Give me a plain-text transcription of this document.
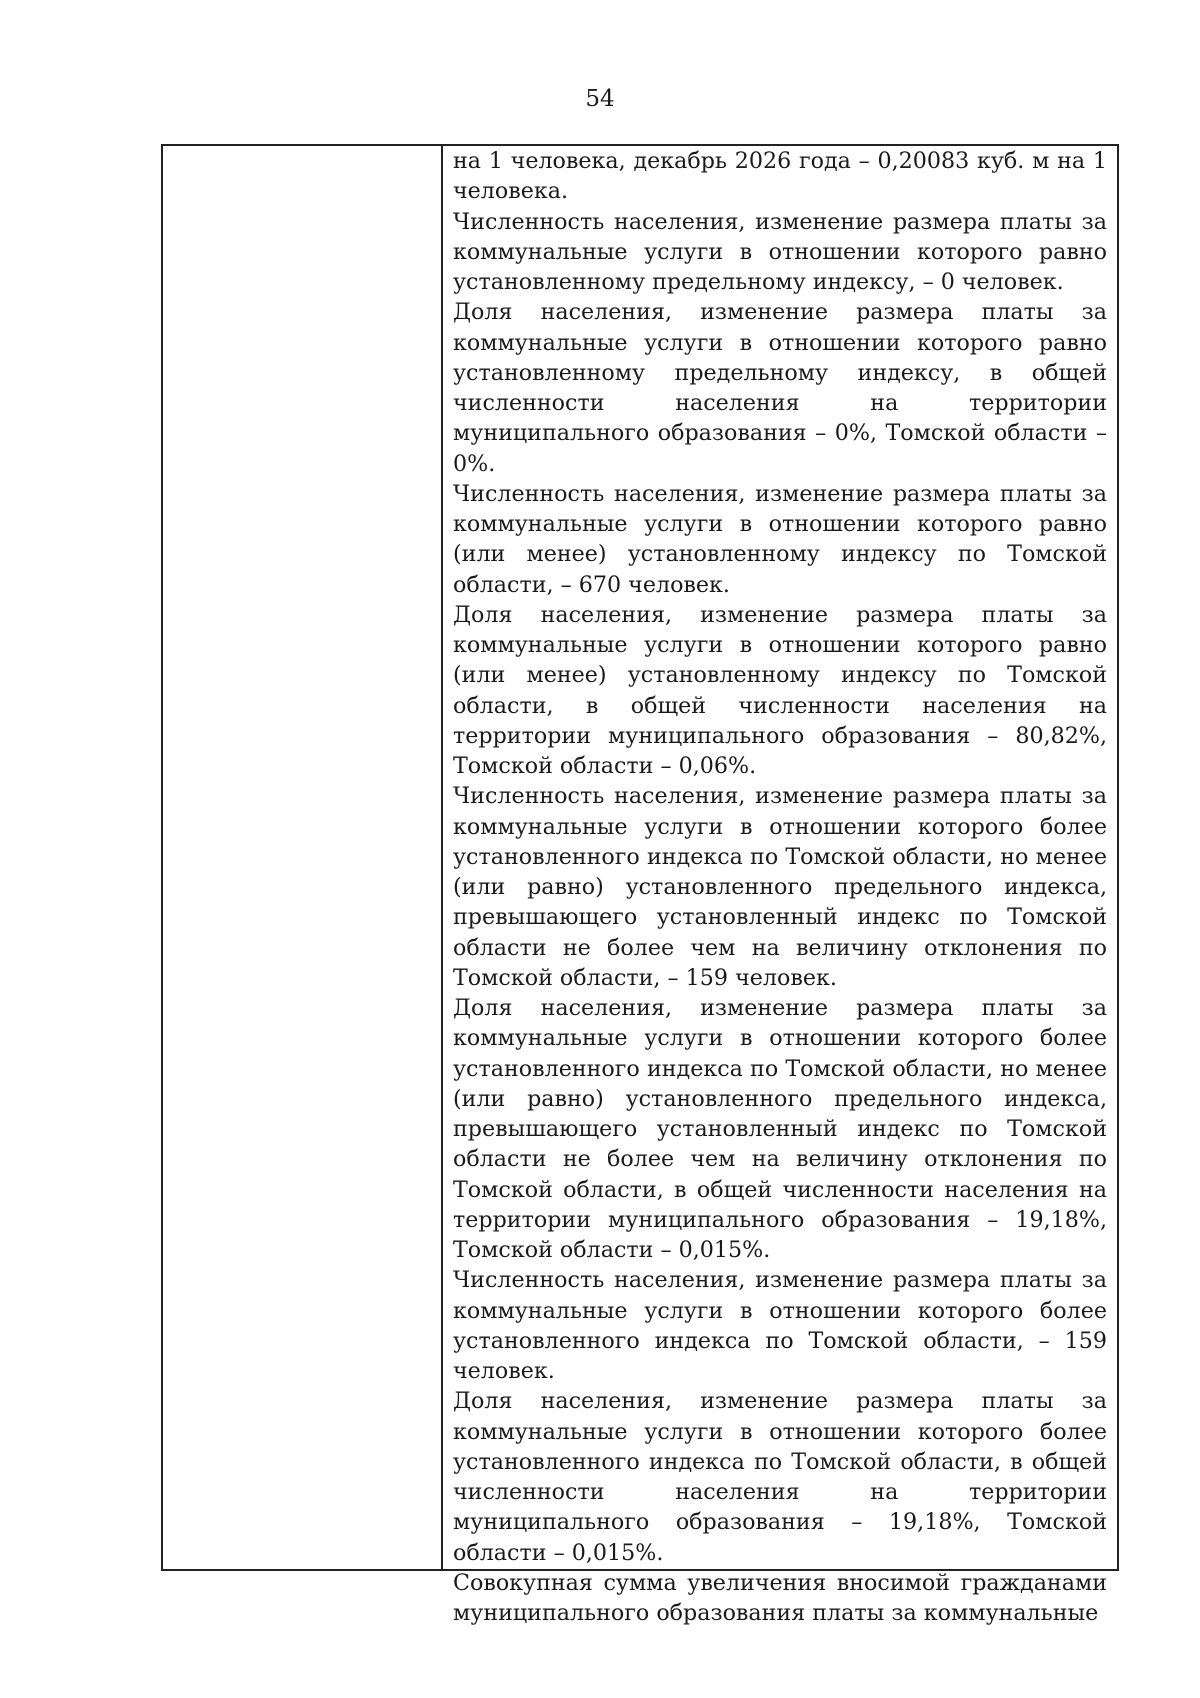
54

на 1 человека, декабрь 2026 года – 0,20083 куб. м на 1 человека.

Численность населения, изменение размера платы за коммунальные услуги в отношении которого равно установленному предельному индексу, – 0 человек.

Доля населения, изменение размера платы за коммунальные услуги в отношении которого равно установленному предельному индексу, в общей численности населения на территории муниципального образования – 0%, Томской области – 0%.

Численность населения, изменение размера платы за коммунальные услуги в отношении которого равно (или менее) установленному индексу по Томской области, – 670 человек.

Доля населения, изменение размера платы за коммунальные услуги в отношении которого равно (или менее) установленному индексу по Томской области, в общей численности населения на территории муниципального образования – 80,82%, Томской области – 0,06%.

Численность населения, изменение размера платы за коммунальные услуги в отношении которого более установленного индекса по Томской области, но менее (или равно) установленного предельного индекса, превышающего установленный индекс по Томской области не более чем на величину отклонения по Томской области, – 159 человек.

Доля населения, изменение размера платы за коммунальные услуги в отношении которого более установленного индекса по Томской области, но менее (или равно) установленного предельного индекса, превышающего установленный индекс по Томской области не более чем на величину отклонения по Томской области, в общей численности населения на территории муниципального образования – 19,18%, Томской области – 0,015%.

Численность населения, изменение размера платы за коммунальные услуги в отношении которого более установленного индекса по Томской области, – 159 человек.

Доля населения, изменение размера платы за коммунальные услуги в отношении которого более установленного индекса по Томской области, в общей численности населения на территории муниципального образования – 19,18%, Томской области – 0,015%.

Совокупная сумма увеличения вносимой гражданами муниципального образования платы за коммунальные
